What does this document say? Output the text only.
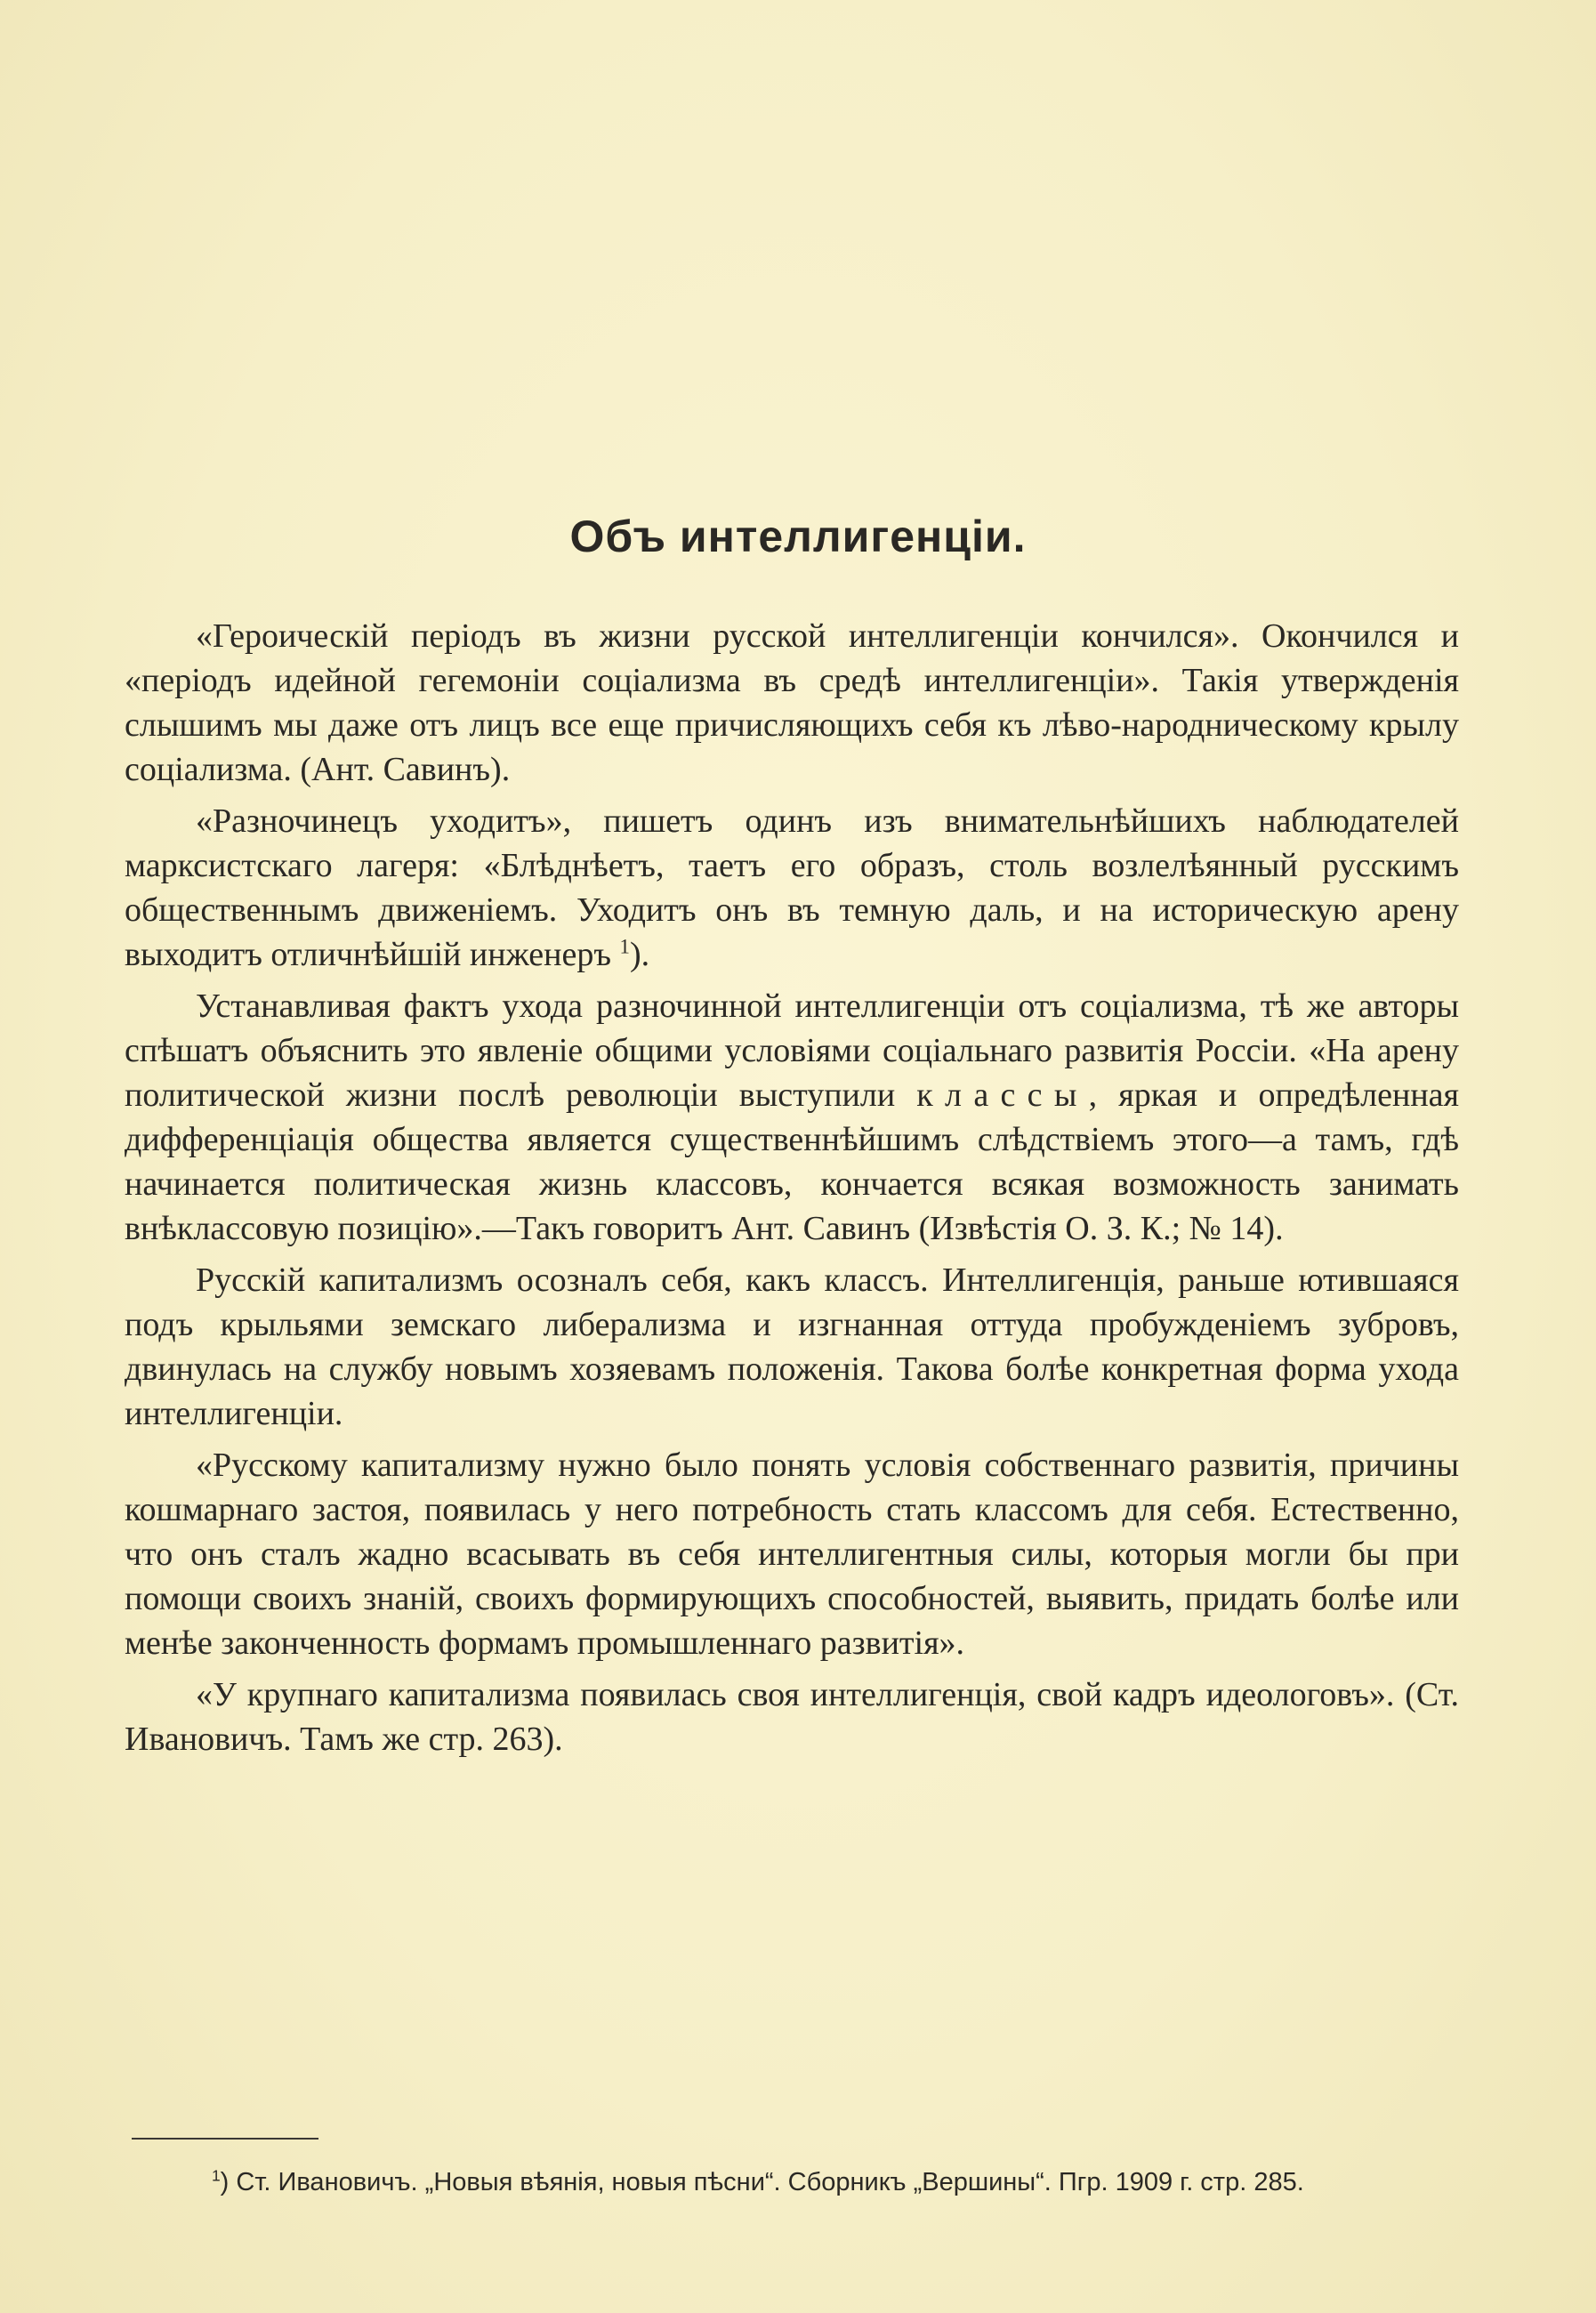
Объ интеллигенціи.

«Героическій періодъ въ жизни русской интеллигенціи кончился». Окончился и «періодъ идейной гегемоніи соціализма въ средѣ интеллигенціи». Такія утвержденія слышимъ мы даже отъ лицъ все еще причисляющихъ себя къ лѣво-народническому крылу соціализма. (Ант. Савинъ).

«Разночинецъ уходитъ», пишетъ одинъ изъ внимательнѣйшихъ наблюдателей марксистскаго лагеря: «Блѣднѣетъ, таетъ его образъ, столь возлелѣянный русскимъ общественнымъ движеніемъ. Уходитъ онъ въ темную даль, и на историческую арену выходитъ отличнѣйшій инженеръ $^1$).

Устанавливая фактъ ухода разночинной интеллигенціи отъ соціализма, тѣ же авторы спѣшатъ объяснить это явленіе общими условіями соціальнаго развитія Россіи. «На арену политической жизни послѣ революціи выступили классы, яркая и опредѣленная дифференціація общества является существеннѣйшимъ слѣдствіемъ этого—а тамъ, гдѣ начинается политическая жизнь классовъ, кончается всякая возможность занимать внѣклассовую позицію».—Такъ говоритъ Ант. Савинъ (Извѣстія О. З. К.; № 14).

Русскій капитализмъ осозналъ себя, какъ классъ. Интеллигенція, раньше ютившаяся подъ крыльями земскаго либерализма и изгнанная оттуда пробужденіемъ зубровъ, двинулась на службу новымъ хозяевамъ положенія. Такова болѣе конкретная форма ухода интеллигенціи.

«Русскому капитализму нужно было понять условія собственнаго развитія, причины кошмарнаго застоя, появилась у него потребность стать классомъ для себя. Естественно, что онъ сталъ жадно всасывать въ себя интеллигентныя силы, которыя могли бы при помощи своихъ знаній, своихъ формирующихъ способностей, выявить, придать болѣе или менѣе законченность формамъ промышленнаго развитія».

«У крупнаго капитализма появилась своя интеллигенція, свой кадръ идеологовъ». (Ст. Ивановичъ. Тамъ же стр. 263).

$^1$) Ст. Ивановичъ. „Новыя вѣянія, новыя пѣсни“. Сборникъ „Вершины“. Пгр. 1909 г. стр. 285.
